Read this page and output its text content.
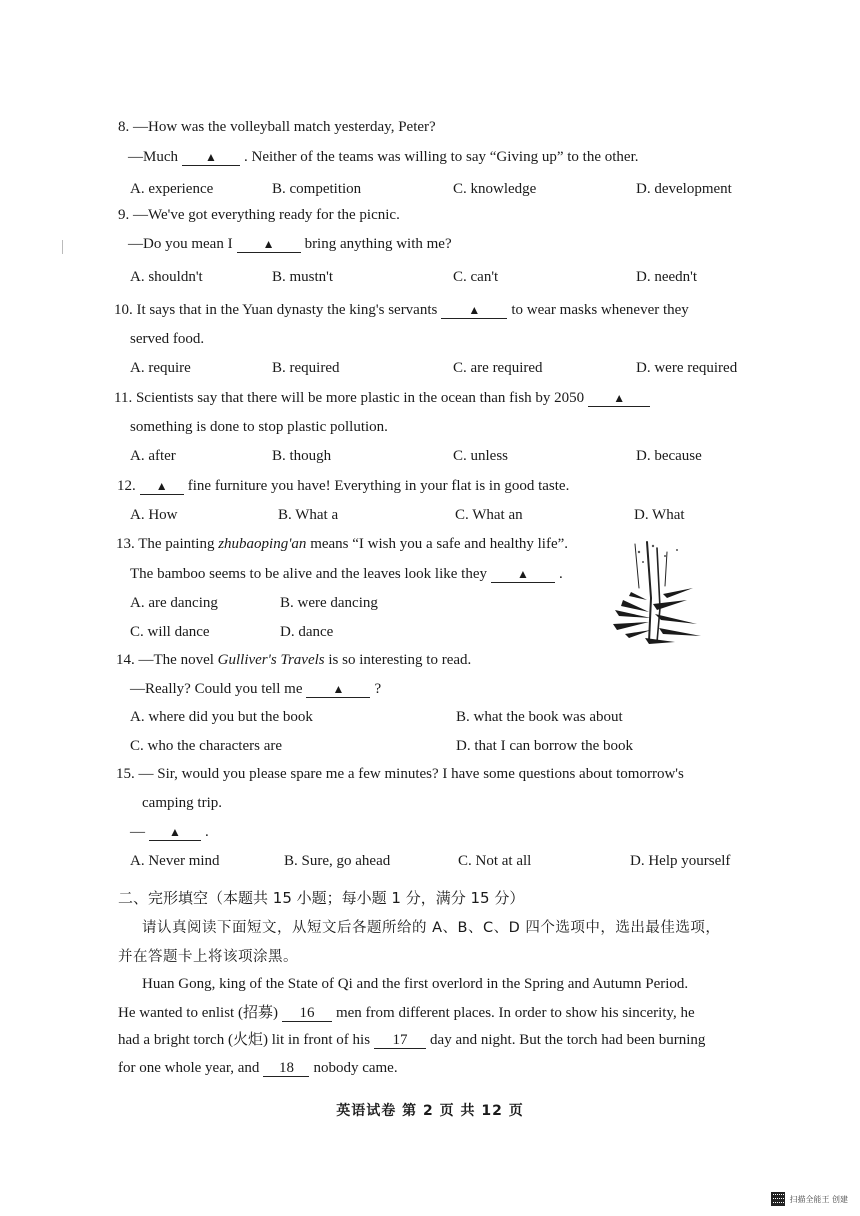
8. —How was the volleyball match yesterday, Peter?
—Much ▲ . Neither of the teams was willing to say “Giving up” to the other.
A. experience	B. competition	C. knowledge	D. development
9. —We've got everything ready for the picnic.
—Do you mean I	▲ bring anything with me?
A. shouldn't	B. mustn't	C. can't	D. needn't
10. It says that in the Yuan dynasty the king's servants	▲ to wear masks whenever they
served food.
A. require	B. required	C. are required	D. were required
11. Scientists say that there will be more plastic in the ocean than fish by 2050 ▲
something is done to stop plastic pollution.
A. after	B. though	C. unless	D. because
12. ▲ fine furniture you have! Everything in your flat is in good taste.
A. How	B. What a	C. What an	D. What
13. The painting zhubaoping'an means “I wish you a safe and healthy life”.
The bamboo seems to be alive and the leaves look like they	▲ .
A. are dancing	B. were dancing
C. will dance	D. dance
14. —The novel Gulliver's Travels is so interesting to read.
—Really? Could you tell me	▲ ?
A. where did you but the book	B. what the book was about
C. who the characters are	D. that I can borrow the book
15. — Sir, would you please spare me a few minutes? I have some questions about tomorrow's
camping trip.
— ▲ .
A. Never mind	B. Sure, go ahead	C. Not at all	D. Help yourself
二、完形填空（本题共 15 小题；每小题 1 分，满分 15 分）
请认真阅读下面短文，从短文后各题所给的 A、B、C、D 四个选项中，选出最佳选项，
并在答题卡上将该项涂黑。
Huan Gong, king of the State of Qi and the first overlord in the Spring and Autumn Period.
He wanted to enlist (招募) 16 men from different places. In order to show his sincerity, he
had a bright torch (火炬) lit in front of his 17 day and night. But the torch had been burning
for one whole year, and 18 nobody came.
英语试卷 第 2 页 共 12 页
扫描全能王 创建
